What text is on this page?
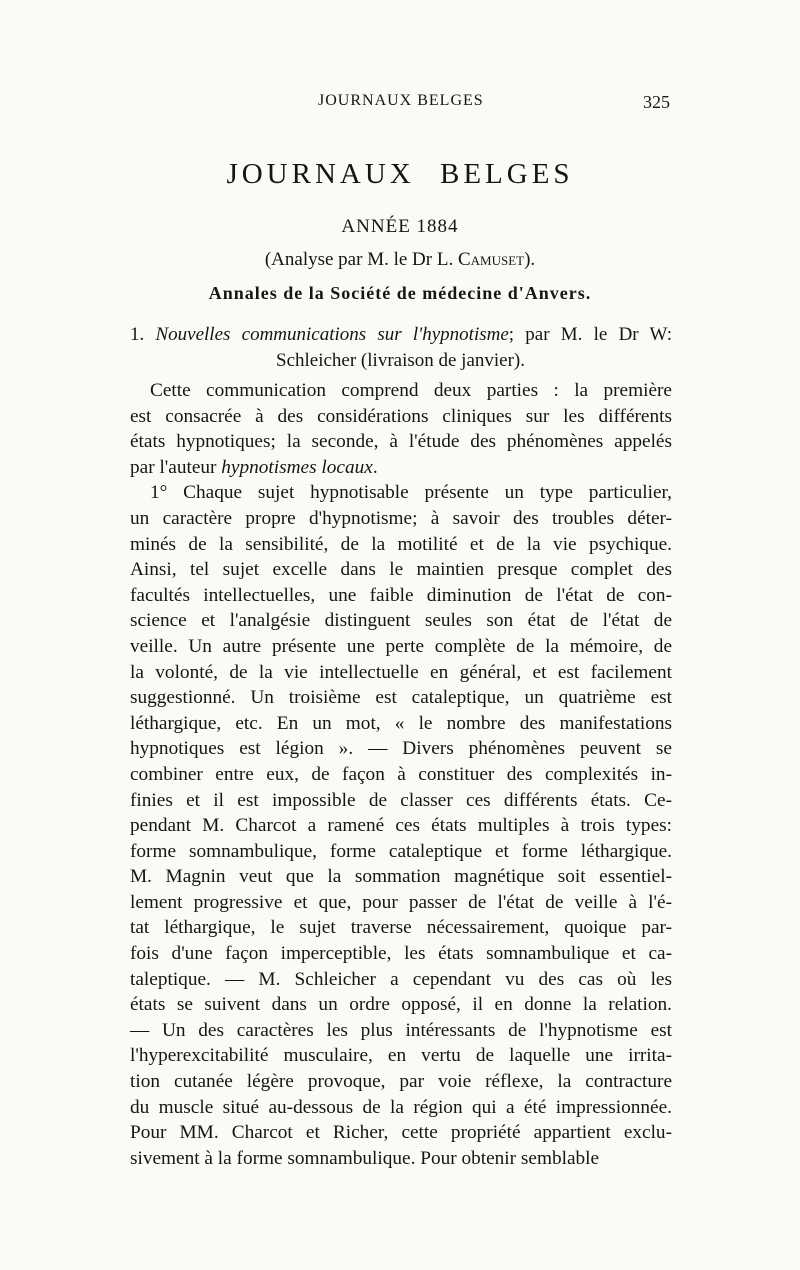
JOURNAUX BELGES	325
JOURNAUX BELGES
ANNÉE 1884
(Analyse par M. le Dr L. Camuset).
Annales de la Société de médecine d'Anvers.
1. Nouvelles communications sur l'hypnotisme; par M. le Dr W:
Schleicher (livraison de janvier).
Cette communication comprend deux parties : la première
est consacrée à des considérations cliniques sur les différents
états hypnotiques; la seconde, à l'étude des phénomènes appelés
par l'auteur hypnotismes locaux.
1° Chaque sujet hypnotisable présente un type particulier,
un caractère propre d'hypnotisme; à savoir des troubles déter-
minés de la sensibilité, de la motilité et de la vie psychique.
Ainsi, tel sujet excelle dans le maintien presque complet des
facultés intellectuelles, une faible diminution de l'état de con-
science et l'analgésie distinguent seules son état de l'état de
veille. Un autre présente une perte complète de la mémoire, de
la volonté, de la vie intellectuelle en général, et est facilement
suggestionné. Un troisième est cataleptique, un quatrième est
léthargique, etc. En un mot, « le nombre des manifestations
hypnotiques est légion ». — Divers phénomènes peuvent se
combiner entre eux, de façon à constituer des complexités in-
finies et il est impossible de classer ces différents états. Ce-
pendant M. Charcot a ramené ces états multiples à trois types:
forme somnambulique, forme cataleptique et forme léthargique.
M. Magnin veut que la sommation magnétique soit essentiel-
lement progressive et que, pour passer de l'état de veille à l'é-
tat léthargique, le sujet traverse nécessairement, quoique par-
fois d'une façon imperceptible, les états somnambulique et ca-
taleptique. — M. Schleicher a cependant vu des cas où les
états se suivent dans un ordre opposé, il en donne la relation.
— Un des caractères les plus intéressants de l'hypnotisme est
l'hyperexcitabilité musculaire, en vertu de laquelle une irrita-
tion cutanée légère provoque, par voie réflexe, la contracture
du muscle situé au-dessous de la région qui a été impressionnée.
Pour MM. Charcot et Richer, cette propriété appartient exclu-
sivement à la forme somnambulique. Pour obtenir semblable
